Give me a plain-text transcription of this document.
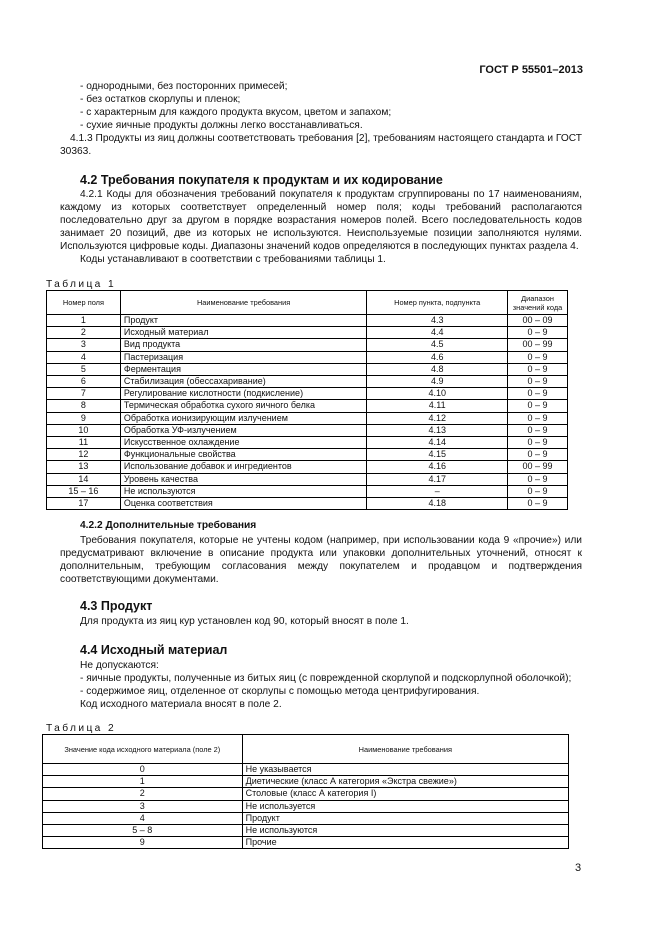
ГОСТ Р 55501–2013

- однородными, без посторонних примесей;

- без остатков скорлупы и пленок;

- с характерным для каждого продукта вкусом, цветом и запахом;

- сухие яичные продукты должны легко восстанавливаться.

4.1.3 Продукты из яиц должны соответствовать требования [2], требованиям настоящего стандарта и ГОСТ 30363.

4.2 Требования покупателя к продуктам и их кодирование

4.2.1 Коды для обозначения требований покупателя к продуктам сгруппированы по 17 наименованиям, каждому из которых соответствует определенный номер поля; коды требований располагаются последовательно друг за другом в порядке возрастания номеров полей. Всего последовательность кодов занимает 20 позиций, две из которых не используются. Неиспользуемые позиции заполняются нулями. Используются цифровые коды. Диапазоны значений кодов определяются в последующих пунктах раздела 4.

Коды устанавливают в соответствии с требованиями таблицы 1.

Таблица 1
Номер поля	Наименование требования	Номер пункта, подпункта	Диапазон значений кода
1	Продукт	4.3	00 – 09
2	Исходный материал	4.4	0 – 9
3	Вид продукта	4.5	00 – 99
4	Пастеризация	4.6	0 – 9
5	Ферментация	4.8	0 – 9
6	Стабилизация (обессахаривание)	4.9	0 – 9
7	Регулирование кислотности (подкисление)	4.10	0 – 9
8	Термическая обработка сухого яичного белка	4.11	0 – 9
9	Обработка ионизирующим излучением	4.12	0 – 9
10	Обработка УФ-излучением	4.13	0 – 9
11	Искусственное охлаждение	4.14	0 – 9
12	Функциональные свойства	4.15	0 – 9
13	Использование добавок и ингредиентов	4.16	00 – 99
14	Уровень качества	4.17	0 – 9
15 – 16	Не используются	–	0 – 9
17	Оценка соответствия	4.18	0 – 9
4.2.2 Дополнительные требования

Требования покупателя, которые не учтены кодом (например, при использовании кода 9 «прочие») или предусматривают включение в описание продукта или упаковки дополнительных уточнений, относят к дополнительным, требующим согласования между покупателем и продавцом и подтверждения соответствующими документами.

4.3 Продукт
Для продукта из яиц кур установлен код 90, который вносят в поле 1.
4.4 Исходный материал

Не допускаются:

- яичные продукты, полученные из битых яиц (с поврежденной скорлупой и подскорлупной оболочкой);

- содержимое яиц, отделенное от скорлупы с помощью метода центрифугирования.

Код исходного материала вносят в поле 2.

Таблица 2
Значение кода исходного материала (поле 2)	Наименование требования
0	Не указывается
1	Диетические (класс А категория «Экстра свежие»)
2	Столовые (класс А категория I)
3	Не используется
4	Продукт
5 – 8	Не используются
9	Прочие
3
